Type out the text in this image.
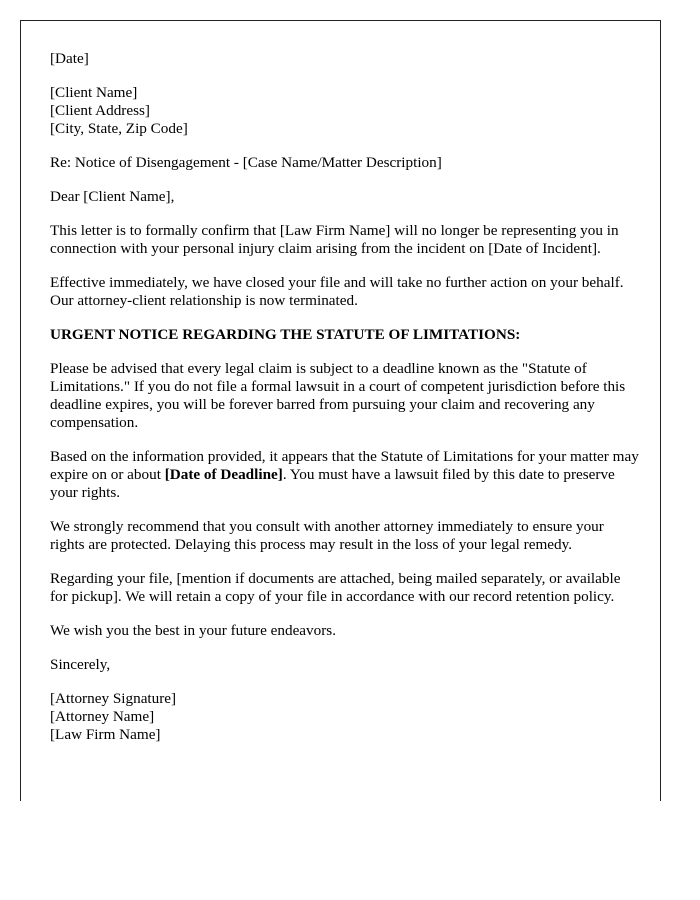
[Date]

[Client Name]
[Client Address]
[City, State, Zip Code]

Re: Notice of Disengagement - [Case Name/Matter Description]

Dear [Client Name],

This letter is to formally confirm that [Law Firm Name] will no longer be representing you in connection with your personal injury claim arising from the incident on [Date of Incident].

Effective immediately, we have closed your file and will take no further action on your behalf. Our attorney-client relationship is now terminated.

URGENT NOTICE REGARDING THE STATUTE OF LIMITATIONS:

Please be advised that every legal claim is subject to a deadline known as the "Statute of Limitations." If you do not file a formal lawsuit in a court of competent jurisdiction before this deadline expires, you will be forever barred from pursuing your claim and recovering any compensation.

Based on the information provided, it appears that the Statute of Limitations for your matter may expire on or about [Date of Deadline]. You must have a lawsuit filed by this date to preserve your rights.

We strongly recommend that you consult with another attorney immediately to ensure your rights are protected. Delaying this process may result in the loss of your legal remedy.

Regarding your file, [mention if documents are attached, being mailed separately, or available for pickup]. We will retain a copy of your file in accordance with our record retention policy.

We wish you the best in your future endeavors.

Sincerely,

[Attorney Signature]
[Attorney Name]
[Law Firm Name]
